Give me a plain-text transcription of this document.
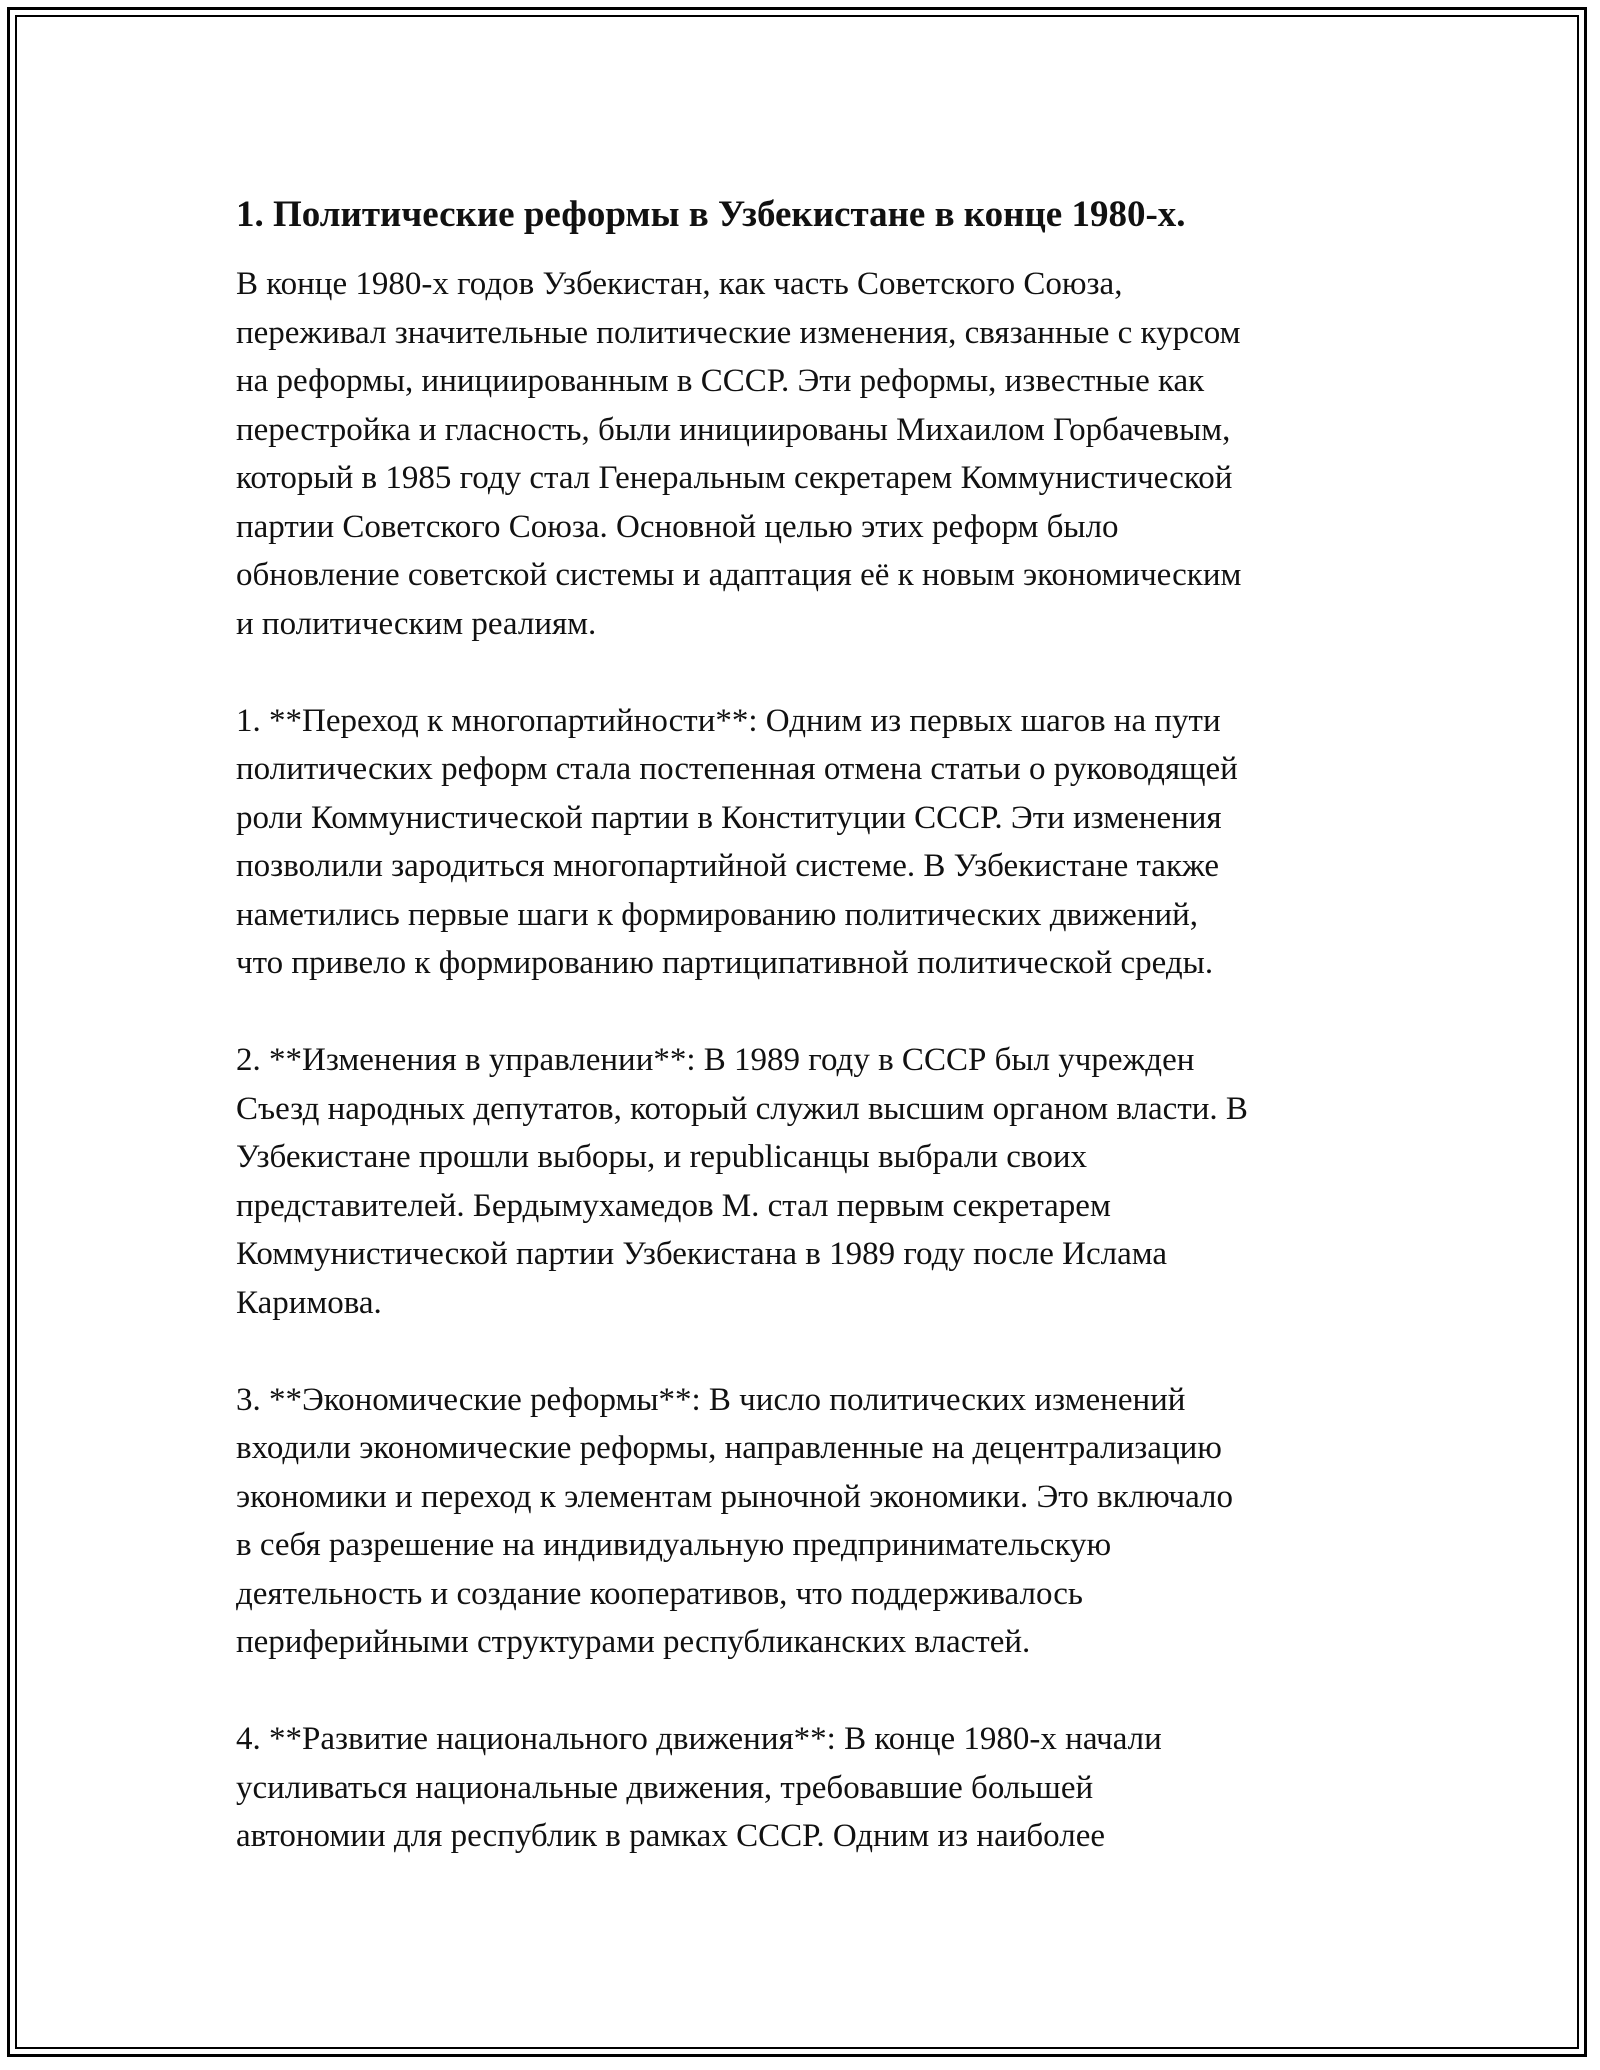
1. Политические реформы в Узбекистане в конце 1980-х.

В конце 1980-х годов Узбекистан, как часть Советского Союза,
переживал значительные политические изменения, связанные с курсом
на реформы, инициированным в СССР. Эти реформы, известные как
перестройка и гласность, были инициированы Михаилом Горбачевым,
который в 1985 году стал Генеральным секретарем Коммунистической
партии Советского Союза. Основной целью этих реформ было
обновление советской системы и адаптация её к новым экономическим
и политическим реалиям.

1. **Переход к многопартийности**: Одним из первых шагов на пути
политических реформ стала постепенная отмена статьи о руководящей
роли Коммунистической партии в Конституции СССР. Эти изменения
позволили зародиться многопартийной системе. В Узбекистане также
наметились первые шаги к формированию политических движений,
что привело к формированию партиципативной политической среды.

2. **Изменения в управлении**: В 1989 году в СССР был учрежден
Съезд народных депутатов, который служил высшим органом власти. В
Узбекистане прошли выборы, и republicанцы выбрали своих
представителей. Бердымухамедов М. стал первым секретарем
Коммунистической партии Узбекистана в 1989 году после Ислама
Каримова.

3. **Экономические реформы**: В число политических изменений
входили экономические реформы, направленные на децентрализацию
экономики и переход к элементам рыночной экономики. Это включало
в себя разрешение на индивидуальную предпринимательскую
деятельность и создание кооперативов, что поддерживалось
периферийными структурами республиканских властей.

4. **Развитие национального движения**: В конце 1980-х начали
усиливаться национальные движения, требовавшие большей
автономии для республик в рамках СССР. Одним из наиболее
